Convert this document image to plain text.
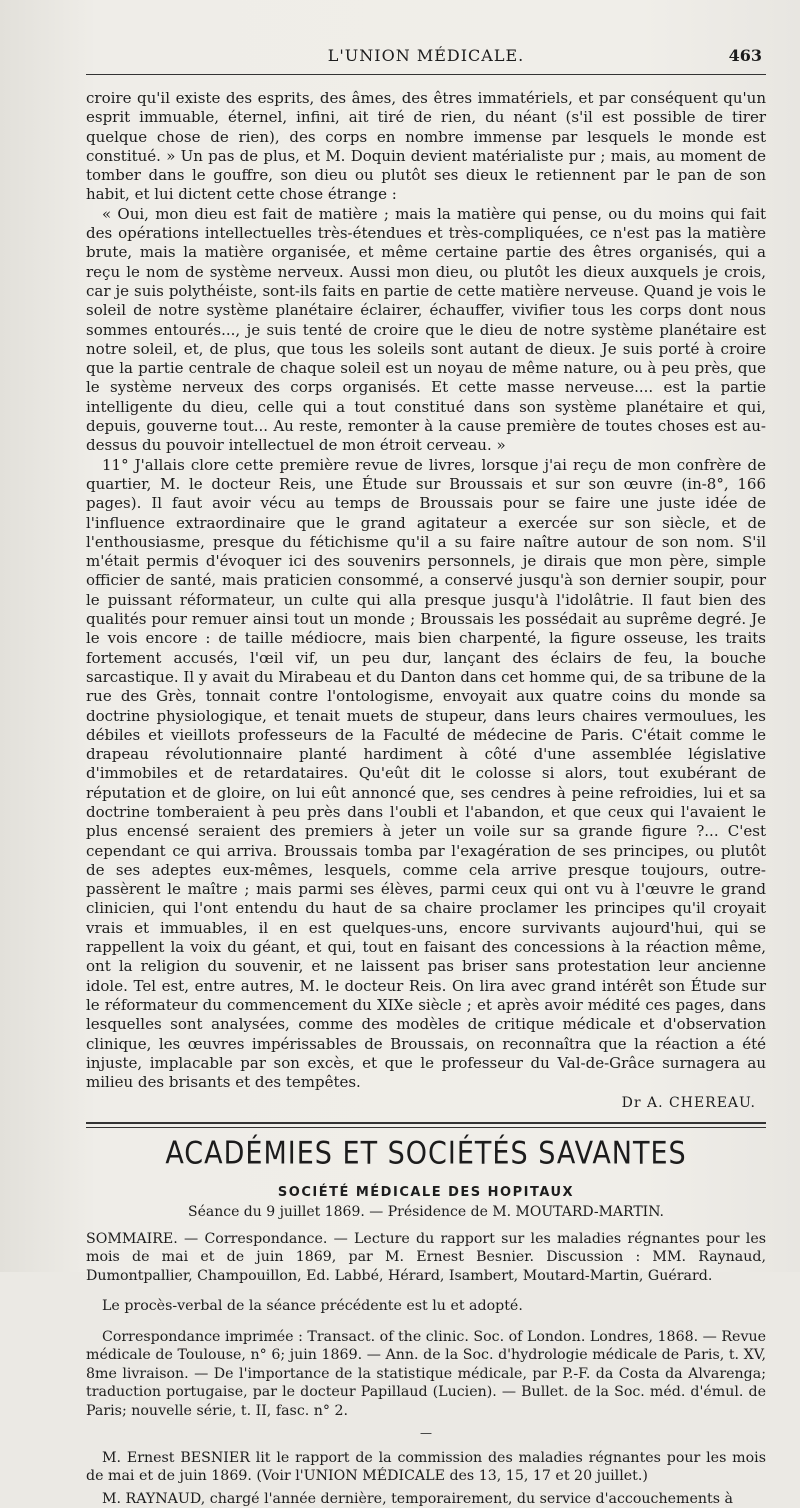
L'UNION MÉDICALE.	463

croire qu'il existe des esprits, des âmes, des êtres immatériels, et par conséquent qu'un esprit immuable, éternel, infini, ait tiré de rien, du néant (s'il est possible de tirer quelque chose de rien), des corps en nombre immense par lesquels le monde est constitué. » Un pas de plus, et M. Doquin devient matérialiste pur ; mais, au moment de tomber dans le gouffre, son dieu ou plutôt ses dieux le retiennent par le pan de son habit, et lui dictent cette chose étrange :

« Oui, mon dieu est fait de matière ; mais la matière qui pense, ou du moins qui fait des opérations intellectuelles très-étendues et très-compliquées, ce n'est pas la matière brute, mais la matière organisée, et même certaine partie des êtres organisés, qui a reçu le nom de système nerveux. Aussi mon dieu, ou plutôt les dieux auxquels je crois, car je suis polythéiste, sont-ils faits en partie de cette matière nerveuse. Quand je vois le soleil de notre système planétaire éclairer, échauffer, vivifier tous les corps dont nous sommes entourés..., je suis tenté de croire que le dieu de notre système planétaire est notre soleil, et, de plus, que tous les soleils sont autant de dieux. Je suis porté à croire que la partie centrale de chaque soleil est un noyau de même nature, ou à peu près, que le système nerveux des corps organisés. Et cette masse nerveuse.... est la partie intelligente du dieu, celle qui a tout constitué dans son système planétaire et qui, depuis, gouverne tout... Au reste, remonter à la cause première de toutes choses est au-dessus du pouvoir intellectuel de mon étroit cerveau. »

11° J'allais clore cette première revue de livres, lorsque j'ai reçu de mon confrère de quartier, M. le docteur Reis, une Étude sur Broussais et sur son œuvre (in-8°, 166 pages). Il faut avoir vécu au temps de Broussais pour se faire une juste idée de l'influence extraordinaire que le grand agitateur a exercée sur son siècle, et de l'enthousiasme, presque du fétichisme qu'il a su faire naître autour de son nom. S'il m'était permis d'évoquer ici des souvenirs personnels, je dirais que mon père, simple officier de santé, mais praticien consommé, a conservé jusqu'à son dernier soupir, pour le puissant réformateur, un culte qui alla presque jusqu'à l'idolâtrie. Il faut bien des qualités pour remuer ainsi tout un monde ; Broussais les possédait au suprême degré. Je le vois encore : de taille médiocre, mais bien charpenté, la figure osseuse, les traits fortement accusés, l'œil vif, un peu dur, lançant des éclairs de feu, la bouche sarcastique. Il y avait du Mirabeau et du Danton dans cet homme qui, de sa tribune de la rue des Grès, tonnait contre l'ontologisme, envoyait aux quatre coins du monde sa doctrine physiologique, et tenait muets de stupeur, dans leurs chaires vermoulues, les débiles et vieillots professeurs de la Faculté de médecine de Paris. C'était comme le drapeau révolutionnaire planté hardiment à côté d'une assemblée législative d'immobiles et de retardataires. Qu'eût dit le colosse si alors, tout exubérant de réputation et de gloire, on lui eût annoncé que, ses cendres à peine refroidies, lui et sa doctrine tomberaient à peu près dans l'oubli et l'abandon, et que ceux qui l'avaient le plus encensé seraient des premiers à jeter un voile sur sa grande figure ?... C'est cependant ce qui arriva. Broussais tomba par l'exagération de ses principes, ou plutôt de ses adeptes eux-mêmes, lesquels, comme cela arrive presque toujours, outre-passèrent le maître ; mais parmi ses élèves, parmi ceux qui ont vu à l'œuvre le grand clinicien, qui l'ont entendu du haut de sa chaire proclamer les principes qu'il croyait vrais et immuables, il en est quelques-uns, encore survivants aujourd'hui, qui se rappellent la voix du géant, et qui, tout en faisant des concessions à la réaction même, ont la religion du souvenir, et ne laissent pas briser sans protestation leur ancienne idole. Tel est, entre autres, M. le docteur Reis. On lira avec grand intérêt son Étude sur le réformateur du commencement du XIXe siècle ; et après avoir médité ces pages, dans lesquelles sont analysées, comme des modèles de critique médicale et d'observation clinique, les œuvres impérissables de Broussais, on reconnaîtra que la réaction a été injuste, implacable par son excès, et que le professeur du Val-de-Grâce surnagera au milieu des brisants et des tempêtes.

Dr A. CHEREAU.
ACADÉMIES ET SOCIÉTÉS SAVANTES
SOCIÉTÉ MÉDICALE DES HOPITAUX
Séance du 9 juillet 1869. — Présidence de M. MOUTARD-MARTIN.

SOMMAIRE. — Correspondance. — Lecture du rapport sur les maladies régnantes pour les mois de mai et de juin 1869, par M. Ernest Besnier. Discussion : MM. Raynaud, Dumontpallier, Champouillon, Ed. Labbé, Hérard, Isambert, Moutard-Martin, Guérard.

Le procès-verbal de la séance précédente est lu et adopté.

Correspondance imprimée : Transact. of the clinic. Soc. of London. Londres, 1868. — Revue médicale de Toulouse, n° 6; juin 1869. — Ann. de la Soc. d'hydrologie médicale de Paris, t. XV, 8me livraison. — De l'importance de la statistique médicale, par P.-F. da Costa da Alvarenga; traduction portugaise, par le docteur Papillaud (Lucien). — Bullet. de la Soc. méd. d'émul. de Paris; nouvelle série, t. II, fasc. n° 2.

—

M. Ernest BESNIER lit le rapport de la commission des maladies régnantes pour les mois de mai et de juin 1869. (Voir l'UNION MÉDICALE des 13, 15, 17 et 20 juillet.)

M. RAYNAUD, chargé l'année dernière, temporairement, du service d'accouchements à
